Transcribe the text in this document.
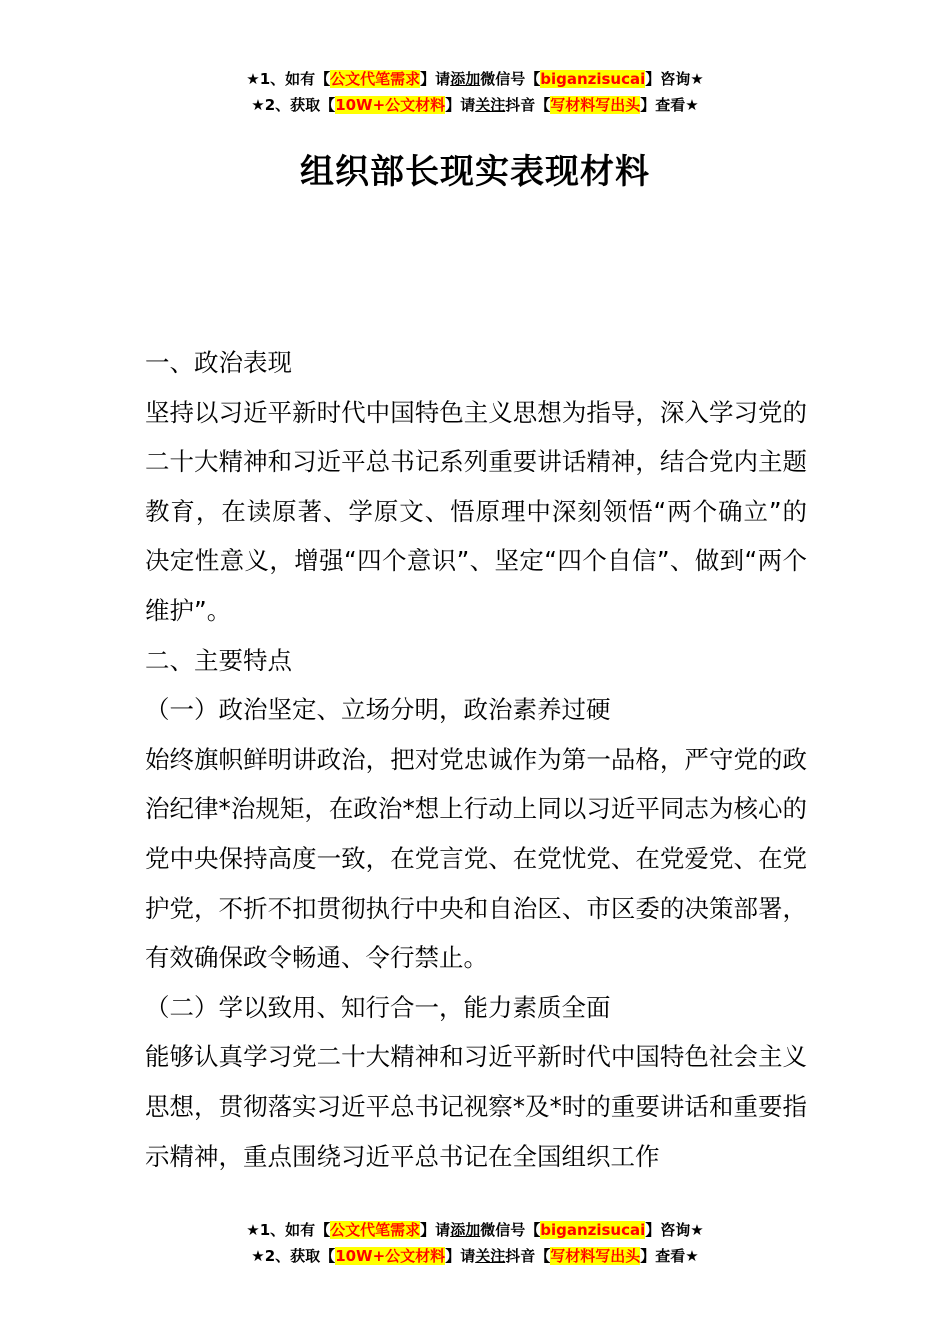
★1、如有【公文代笔需求】请添加微信号【biganzisucai】咨询★
★2、获取【10W+公文材料】请关注抖音【写材料写出头】查看★
组织部长现实表现材料

一、政治表现

坚持以习近平新时代中国特色主义思想为指导，深入学习党的二十大精神和习近平总书记系列重要讲话精神，结合党内主题教育，在读原著、学原文、悟原理中深刻领悟“两个确立”的决定性意义，增强“四个意识”、坚定“四个自信”、做到“两个维护”。

二、主要特点

（一）政治坚定、立场分明，政治素养过硬

始终旗帜鲜明讲政治，把对党忠诚作为第一品格，严守党的政治纪律*治规矩，在政治*想上行动上同以习近平同志为核心的党中央保持高度一致，在党言党、在党忧党、在党爱党、在党护党，不折不扣贯彻执行中央和自治区、市区委的决策部署，有效确保政令畅通、令行禁止。

（二）学以致用、知行合一，能力素质全面

能够认真学习党二十大精神和习近平新时代中国特色社会主义思想，贯彻落实习近平总书记视察*及*时的重要讲话和重要指示精神，重点围绕习近平总书记在全国组织工作

★1、如有【公文代笔需求】请添加微信号【biganzisucai】咨询★
★2、获取【10W+公文材料】请关注抖音【写材料写出头】查看★
